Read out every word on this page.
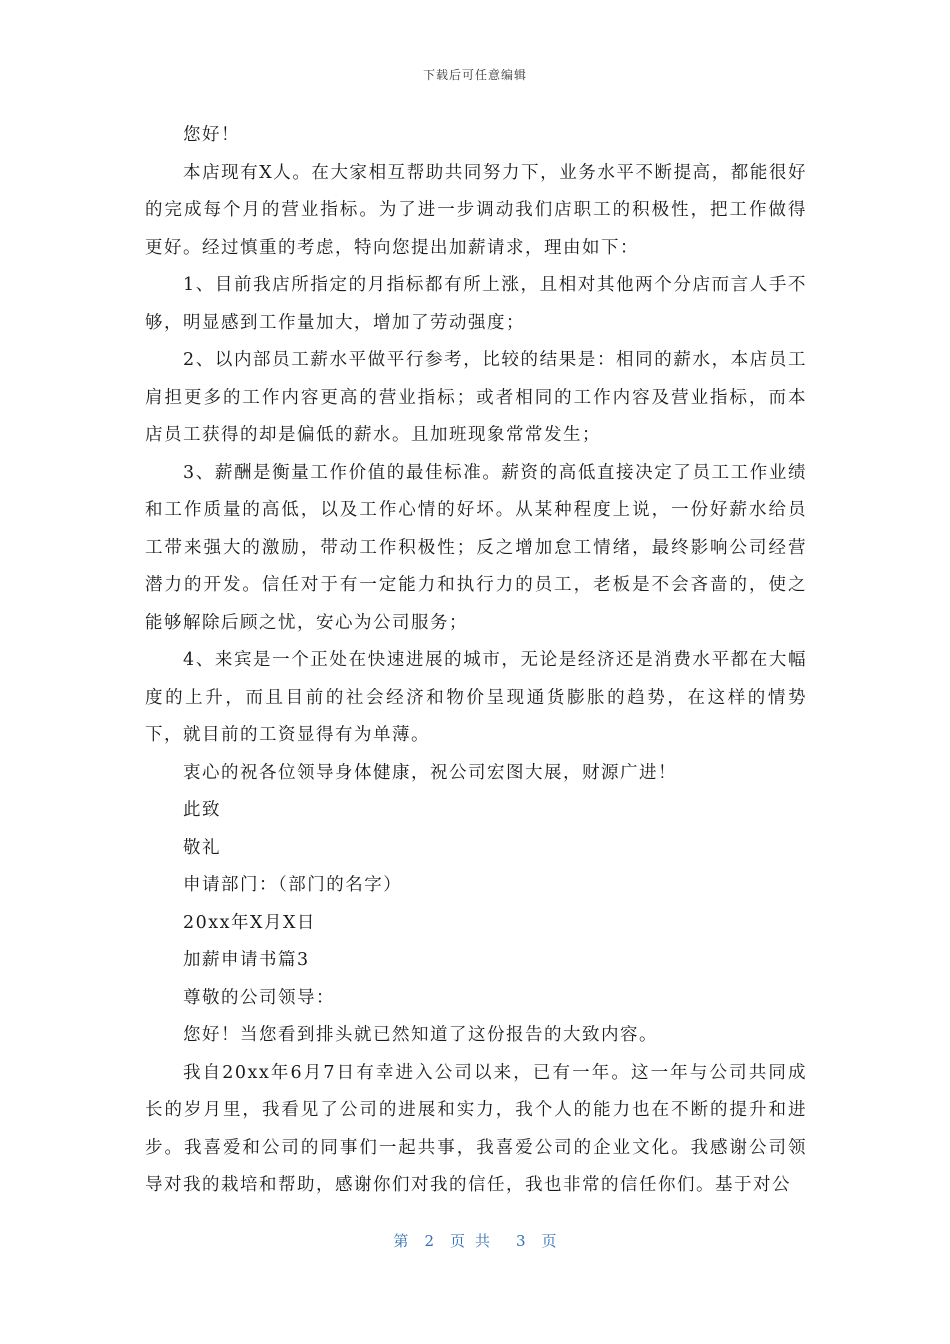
下载后可任意编辑

您好！

本店现有X人。在大家相互帮助共同努力下，业务水平不断提高，都能很好的完成每个月的营业指标。为了进一步调动我们店职工的积极性，把工作做得更好。经过慎重的考虑，特向您提出加薪请求，理由如下：

1、目前我店所指定的月指标都有所上涨，且相对其他两个分店而言人手不够，明显感到工作量加大，增加了劳动强度；

2、以内部员工薪水平做平行参考，比较的结果是：相同的薪水，本店员工肩担更多的工作内容更高的营业指标；或者相同的工作内容及营业指标，而本店员工获得的却是偏低的薪水。且加班现象常常发生；

3、薪酬是衡量工作价值的最佳标准。薪资的高低直接决定了员工工作业绩和工作质量的高低，以及工作心情的好坏。从某种程度上说，一份好薪水给员工带来强大的激励，带动工作积极性；反之增加怠工情绪，最终影响公司经营潜力的开发。信任对于有一定能力和执行力的员工，老板是不会吝啬的，使之能够解除后顾之忧，安心为公司服务；

4、来宾是一个正处在快速进展的城市，无论是经济还是消费水平都在大幅度的上升，而且目前的社会经济和物价呈现通货膨胀的趋势，在这样的情势下，就目前的工资显得有为单薄。

衷心的祝各位领导身体健康，祝公司宏图大展，财源广进！

此致

敬礼

申请部门：（部门的名字）

20xx年X月X日

加薪申请书篇3

尊敬的公司领导：

您好！当您看到排头就已然知道了这份报告的大致内容。

我自20xx年6月7日有幸进入公司以来，已有一年。这一年与公司共同成长的岁月里，我看见了公司的进展和实力，我个人的能力也在不断的提升和进步。我喜爱和公司的同事们一起共事，我喜爱公司的企业文化。我感谢公司领导对我的栽培和帮助，感谢你们对我的信任，我也非常的信任你们。基于对公

第 2 页共 3 页
